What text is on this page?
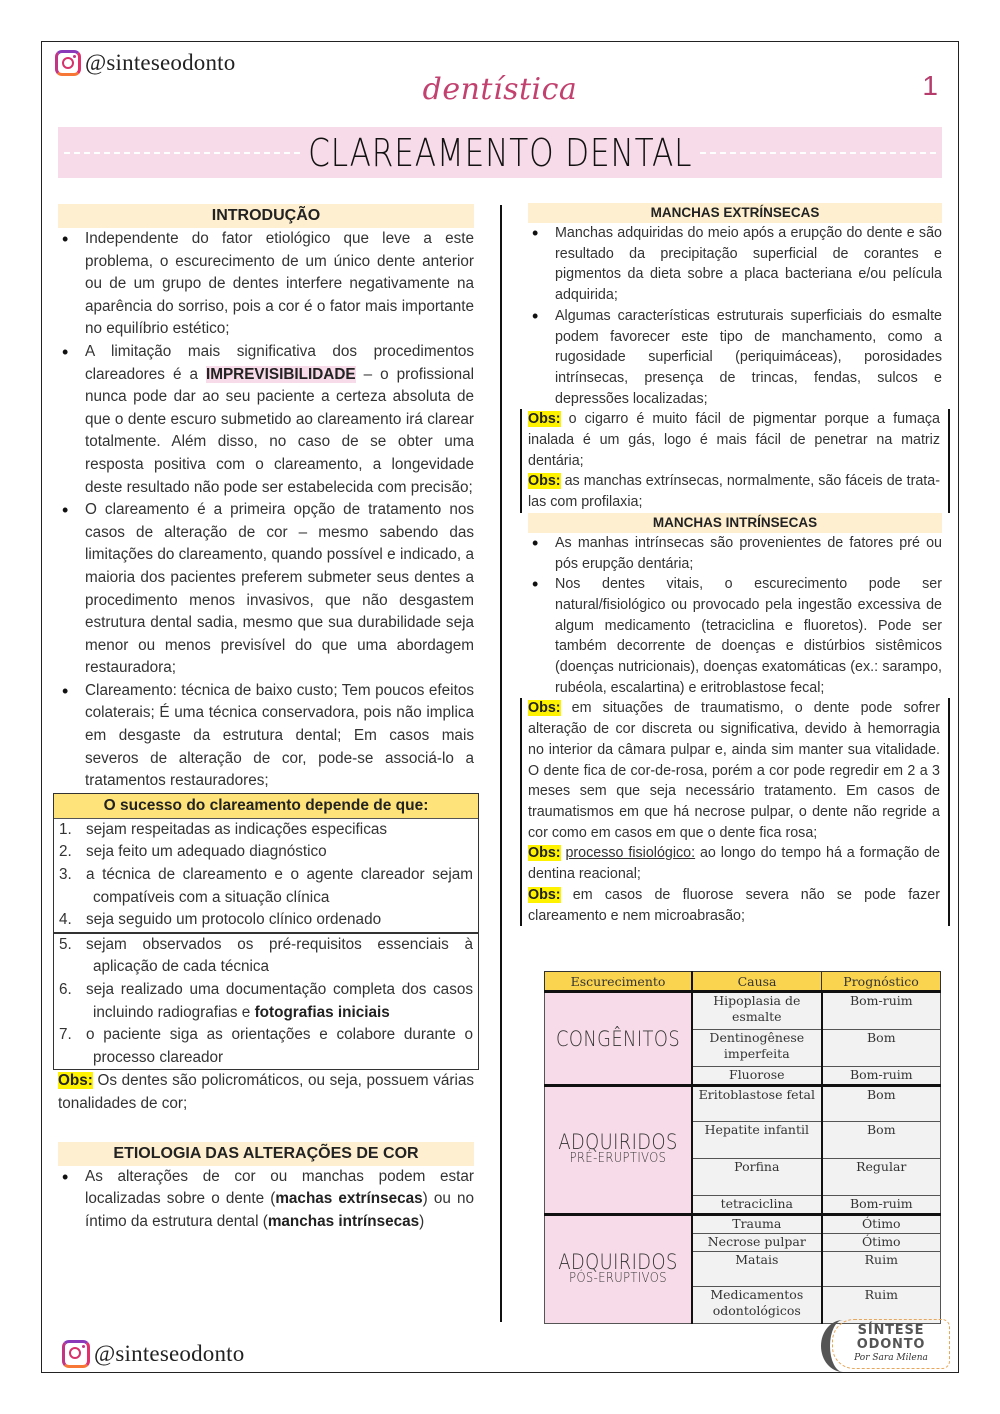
@sinteseodonto
dentística	1
CLAREAMENTO DENTAL
INTRODUÇÃO
• Independente do fator etiológico que leve a este problema, o escurecimento de um único dente anterior ou de um grupo de dentes interfere negativamente na aparência do sorriso, pois a cor é o fator mais importante no equilíbrio estético;
• A limitação mais significativa dos procedimentos clareadores é a IMPREVISIBILIDADE – o profissional nunca pode dar ao seu paciente a certeza absoluta de que o dente escuro submetido ao clareamento irá clarear totalmente. Além disso, no caso de se obter uma resposta positiva com o clareamento, a longevidade deste resultado não pode ser estabelecida com precisão;
• O clareamento é a primeira opção de tratamento nos casos de alteração de cor – mesmo sabendo das limitações do clareamento, quando possível e indicado, a maioria dos pacientes preferem submeter seus dentes a procedimento menos invasivos, que não desgastem estrutura dental sadia, mesmo que sua durabilidade seja menor ou menos previsível do que uma abordagem restauradora;
• Clareamento: técnica de baixo custo; Tem poucos efeitos colaterais; É uma técnica conservadora, pois não implica em desgaste da estrutura dental; Em casos mais severos de alteração de cor, pode-se associá-lo a tratamentos restauradores;
O sucesso do clareamento depende de que:
1. sejam respeitadas as indicações especificas
2. seja feito um adequado diagnóstico
3. a técnica de clareamento e o agente clareador sejam compatíveis com a situação clínica
4. seja seguido um protocolo clínico ordenado
5. sejam observados os pré-requisitos essenciais à aplicação de cada técnica
6. seja realizado uma documentação completa dos casos incluindo radiografias e fotografias iniciais
7. o paciente siga as orientações e colabore durante o processo clareador
Obs: Os dentes são policromáticos, ou seja, possuem várias tonalidades de cor;
ETIOLOGIA DAS ALTERAÇÕES DE COR
• As alterações de cor ou manchas podem estar localizadas sobre o dente (machas extrínsecas) ou no íntimo da estrutura dental (manchas intrínsecas)
MANCHAS EXTRÍNSECAS
• Manchas adquiridas do meio após a erupção do dente e são resultado da precipitação superficial de corantes e pigmentos da dieta sobre a placa bacteriana e/ou película adquirida;
• Algumas características estruturais superficiais do esmalte podem favorecer este tipo de manchamento, como a rugosidade superficial (periquimáceas), porosidades intrínsecas, presença de trincas, fendas, sulcos e depressões localizadas;
Obs: o cigarro é muito fácil de pigmentar porque a fumaça inalada é um gás, logo é mais fácil de penetrar na matriz dentária;
Obs: as manchas extrínsecas, normalmente, são fáceis de trata-las com profilaxia;
MANCHAS INTRÍNSECAS
• As manhas intrínsecas são provenientes de fatores pré ou pós erupção dentária;
• Nos dentes vitais, o escurecimento pode ser natural/fisiológico ou provocado pela ingestão excessiva de algum medicamento (tetraciclina e fluoretos). Pode ser também decorrente de doenças e distúrbios sistêmicos (doenças nutricionais), doenças exatomáticas (ex.: sarampo, rubéola, escalartina) e eritroblastose fecal;
Obs: em situações de traumatismo, o dente pode sofrer alteração de cor discreta ou significativa, devido à hemorragia no interior da câmara pulpar e, ainda sim manter sua vitalidade. O dente fica de cor-de-rosa, porém a cor pode regredir em 2 a 3 meses sem que seja necessário tratamento. Em casos de traumatismos em que há necrose pulpar, o dente não regride a cor como em casos em que o dente fica rosa;
Obs: processo fisiológico: ao longo do tempo há a formação de dentina reacional;
Obs: em casos de fluorose severa não se pode fazer clareamento e nem microabrasão;
Escurecimento	Causa	Prognóstico

CONGÊNITOS	Hipoplasia de esmalte	Bom-ruim
	Dentinogênese imperfeita	Bom
	Fluorose	Bom-ruim

ADQUIRIDOS
PRÉ-ERUPTIVOS	Eritoblastose fetal	Bom
	Hepatite infantil	Bom
	Porfina	Regular
	tetraciclina	Bom-ruim

ADQUIRIDOS
PÓS-ERUPTIVOS	Trauma	Ótimo
	Necrose pulpar	Ótimo
	Matais	Ruim
	Medicamentos odontológicos	Ruim
@sinteseodonto
SÍNTESE
ODONTO
Por Sara Milena
